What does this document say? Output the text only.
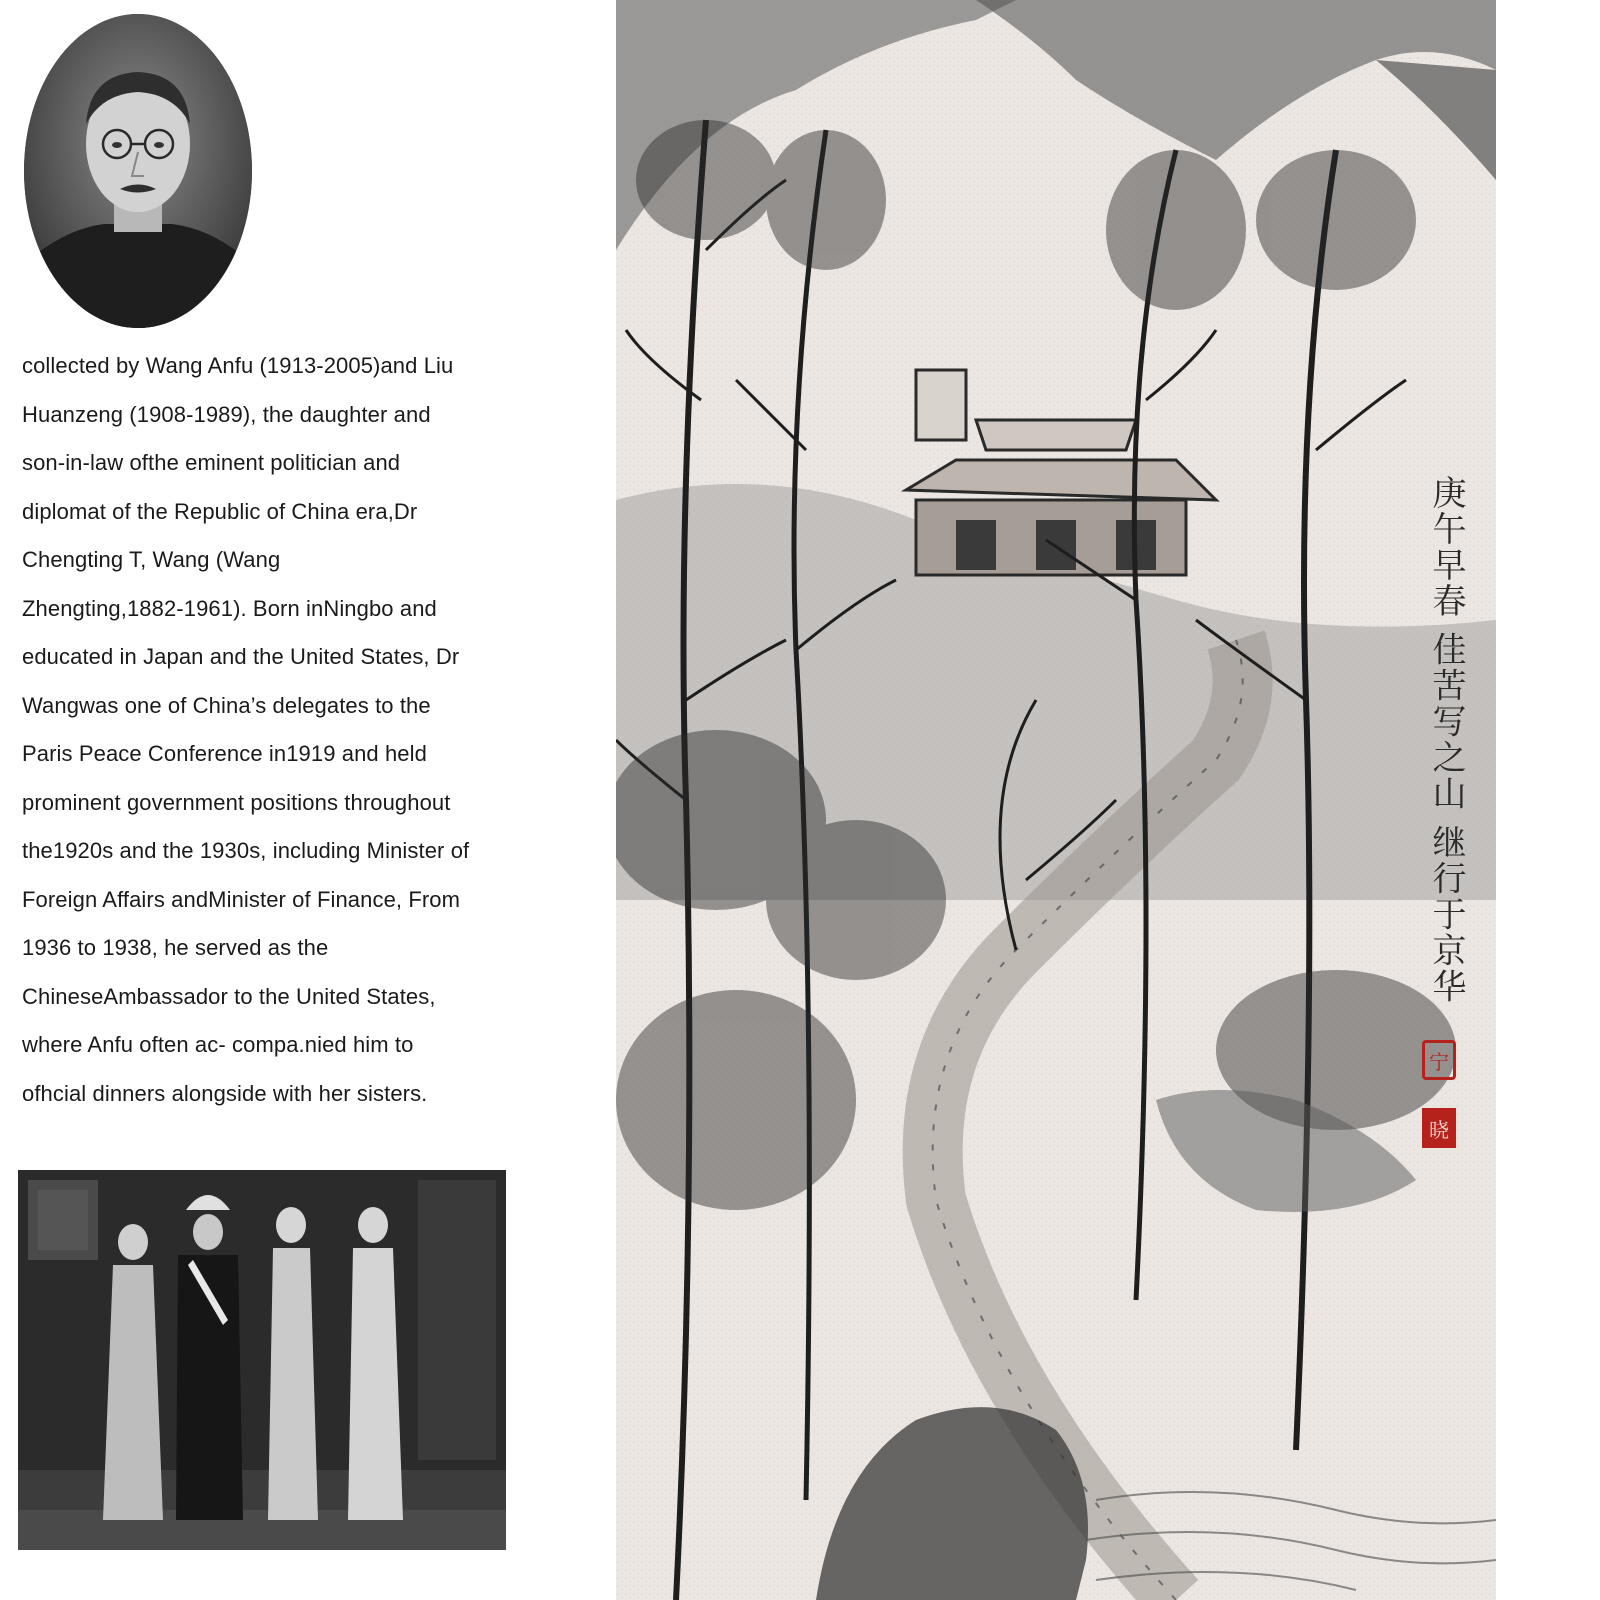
collected by Wang Anfu (1913-2005)and Liu
Huanzeng (1908-1989), the daughter and
son-in-law ofthe eminent politician and
diplomat of the Republic of China era,Dr
Chengting T, Wang (Wang
Zhengting,1882-1961). Born inNingbo and
educated in Japan and the United States, Dr
Wangwas one of China’s delegates to the
Paris Peace Conference in1919 and held
prominent government positions throughout
the1920s and the 1930s, including Minister of
Foreign Affairs andMinister of Finance, From
1936 to 1938, he served as the
ChineseAmbassador to the United States,
where Anfu often ac- compa.nied him to
ofhcial dinners alongside with her sisters.
庚午早春 佳苦写之山 继行于京华
宁
晓
